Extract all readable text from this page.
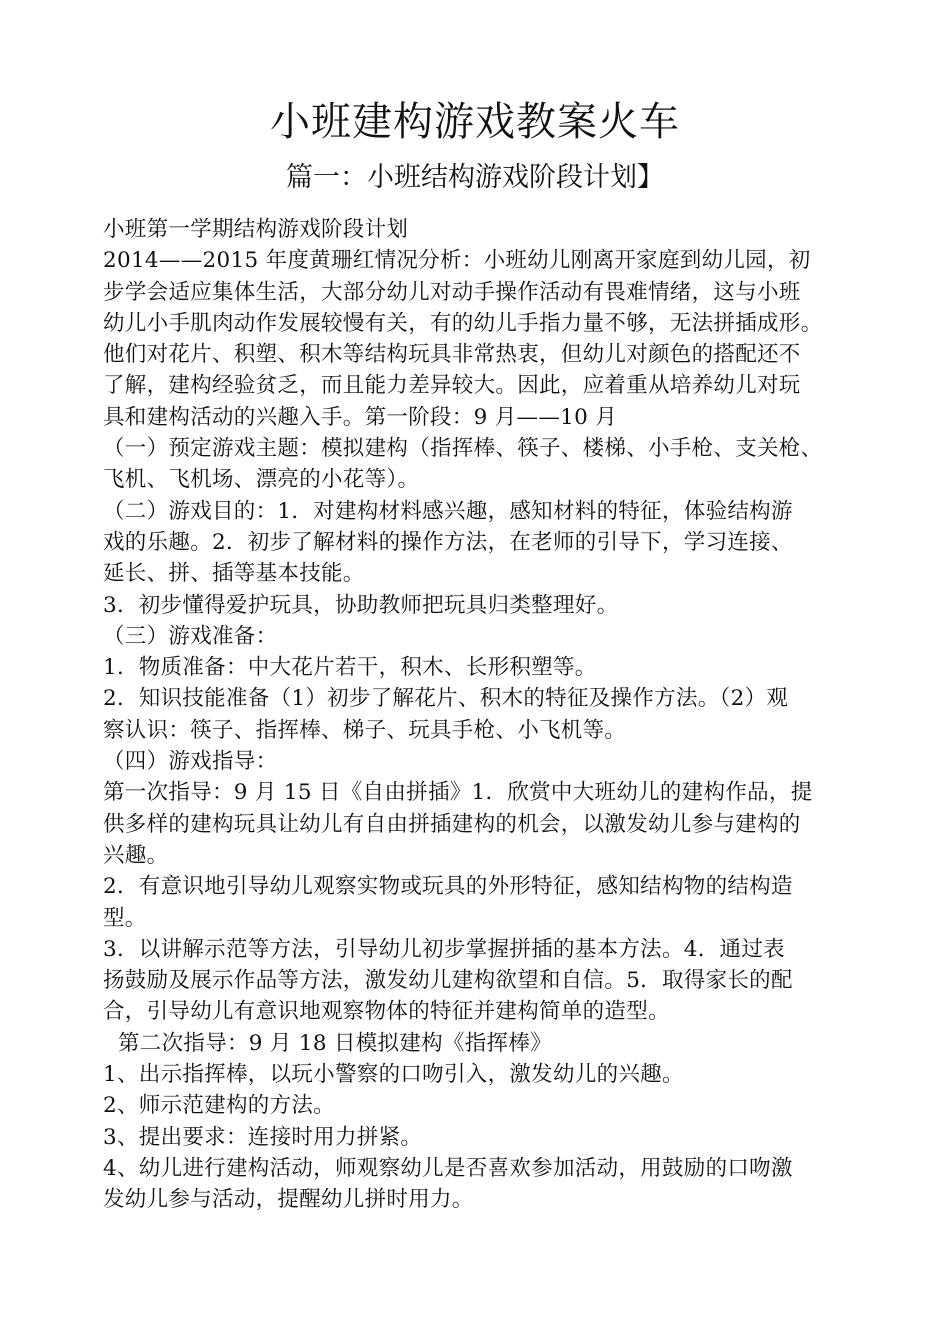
小班建构游戏教案火车
篇一：小班结构游戏阶段计划】
小班第一学期结构游戏阶段计划
2014——2015 年度黄珊红情况分析：小班幼儿刚离开家庭到幼儿园，初
步学会适应集体生活，大部分幼儿对动手操作活动有畏难情绪，这与小班
幼儿小手肌肉动作发展较慢有关，有的幼儿手指力量不够，无法拼插成形。
他们对花片、积塑、积木等结构玩具非常热衷，但幼儿对颜色的搭配还不
了解，建构经验贫乏，而且能力差异较大。因此，应着重从培养幼儿对玩
具和建构活动的兴趣入手。第一阶段：9 月——10 月
（一）预定游戏主题：模拟建构（指挥棒、筷子、楼梯、小手枪、支关枪、
飞机、飞机场、漂亮的小花等）。
（二）游戏目的：1．对建构材料感兴趣，感知材料的特征，体验结构游
戏的乐趣。2．初步了解材料的操作方法，在老师的引导下，学习连接、
延长、拼、插等基本技能。
3．初步懂得爱护玩具，协助教师把玩具归类整理好。
（三）游戏准备：
1．物质准备：中大花片若干，积木、长形积塑等。
2．知识技能准备（1）初步了解花片、积木的特征及操作方法。（2）观
察认识：筷子、指挥棒、梯子、玩具手枪、小飞机等。
（四）游戏指导：
第一次指导：9 月 15 日《自由拼插》1．欣赏中大班幼儿的建构作品，提
供多样的建构玩具让幼儿有自由拼插建构的机会，以激发幼儿参与建构的
兴趣。
2．有意识地引导幼儿观察实物或玩具的外形特征，感知结构物的结构造
型。
3．以讲解示范等方法，引导幼儿初步掌握拼插的基本方法。4．通过表
扬鼓励及展示作品等方法，激发幼儿建构欲望和自信。5．取得家长的配
合，引导幼儿有意识地观察物体的特征并建构简单的造型。
第二次指导：9 月 18 日模拟建构《指挥棒》
1、出示指挥棒，以玩小警察的口吻引入，激发幼儿的兴趣。
2、师示范建构的方法。
3、提出要求：连接时用力拼紧。
4、幼儿进行建构活动，师观察幼儿是否喜欢参加活动，用鼓励的口吻激
发幼儿参与活动，提醒幼儿拼时用力。
